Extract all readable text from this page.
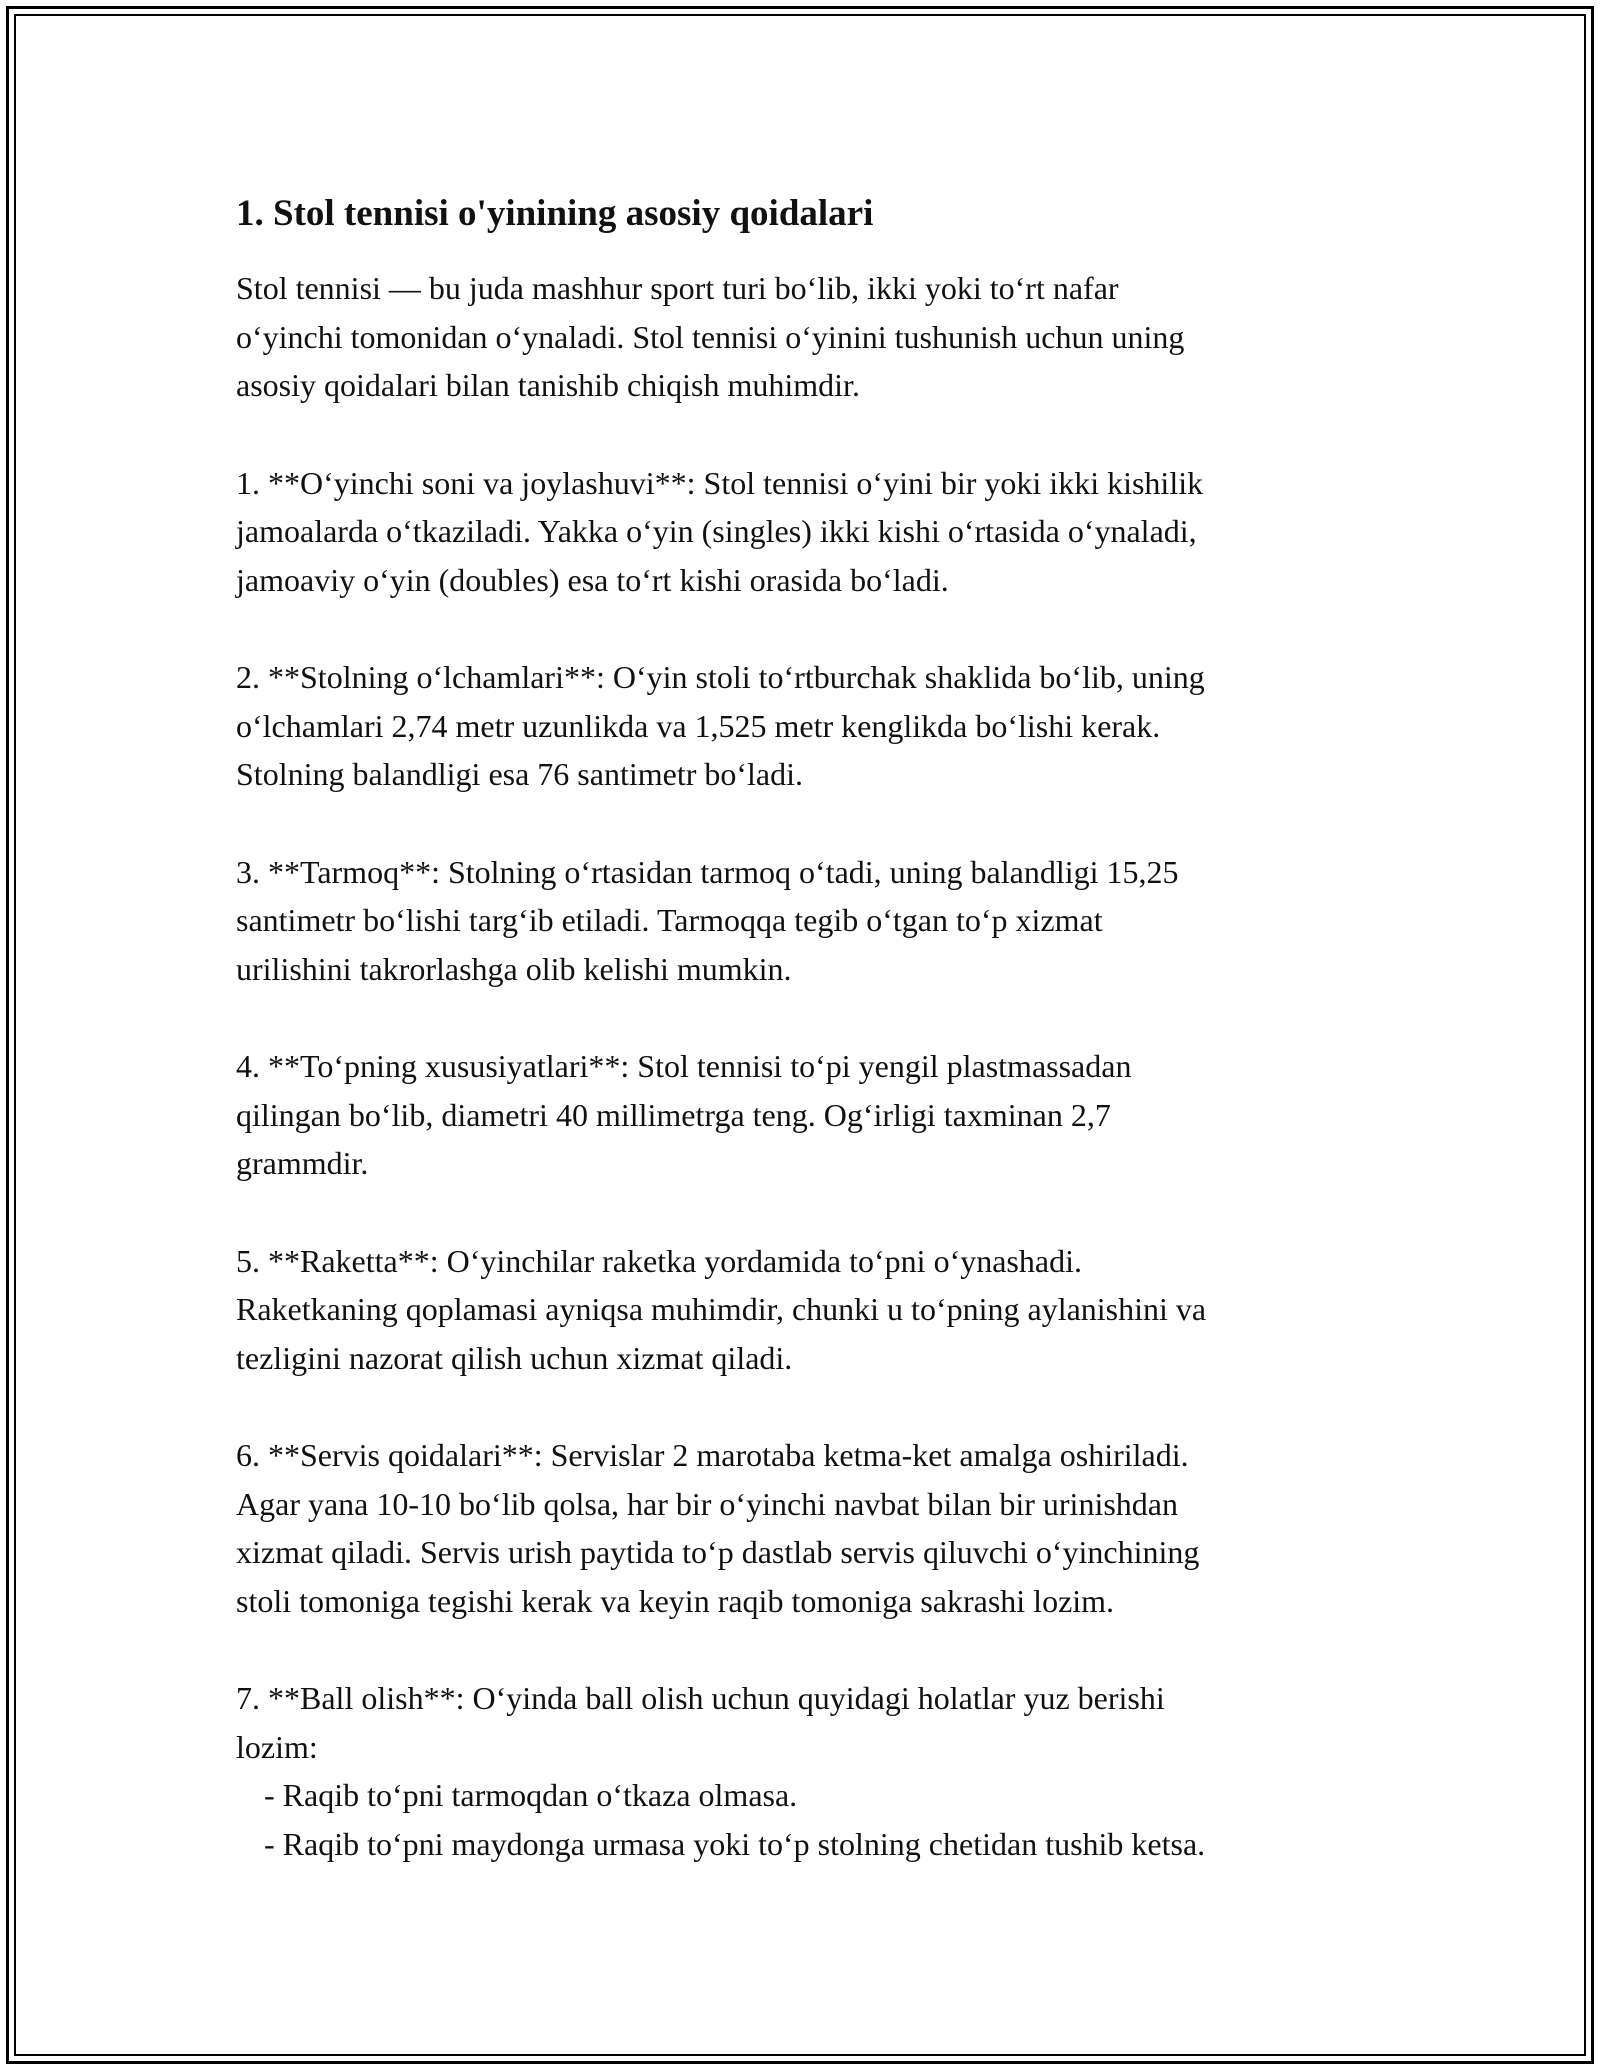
1. Stol tennisi o'yinining asosiy qoidalari

Stol tennisi — bu juda mashhur sport turi bo‘lib, ikki yoki to‘rt nafar
o‘yinchi tomonidan o‘ynaladi. Stol tennisi o‘yinini tushunish uchun uning
asosiy qoidalari bilan tanishib chiqish muhimdir.

1. **O‘yinchi soni va joylashuvi**: Stol tennisi o‘yini bir yoki ikki kishilik
jamoalarda o‘tkaziladi. Yakka o‘yin (singles) ikki kishi o‘rtasida o‘ynaladi,
jamoaviy o‘yin (doubles) esa to‘rt kishi orasida bo‘ladi.

2. **Stolning o‘lchamlari**: O‘yin stoli to‘rtburchak shaklida bo‘lib, uning
o‘lchamlari 2,74 metr uzunlikda va 1,525 metr kenglikda bo‘lishi kerak.
Stolning balandligi esa 76 santimetr bo‘ladi.

3. **Tarmoq**: Stolning o‘rtasidan tarmoq o‘tadi, uning balandligi 15,25
santimetr bo‘lishi targ‘ib etiladi. Tarmoqqa tegib o‘tgan to‘p xizmat
urilishini takrorlashga olib kelishi mumkin.

4. **To‘pning xususiyatlari**: Stol tennisi to‘pi yengil plastmassadan
qilingan bo‘lib, diametri 40 millimetrga teng. Og‘irligi taxminan 2,7
grammdir.

5. **Raketta**: O‘yinchilar raketka yordamida to‘pni o‘ynashadi.
Raketkaning qoplamasi ayniqsa muhimdir, chunki u to‘pning aylanishini va
tezligini nazorat qilish uchun xizmat qiladi.

6. **Servis qoidalari**: Servislar 2 marotaba ketma-ket amalga oshiriladi.
Agar yana 10-10 bo‘lib qolsa, har bir o‘yinchi navbat bilan bir urinishdan
xizmat qiladi. Servis urish paytida to‘p dastlab servis qiluvchi o‘yinchining
stoli tomoniga tegishi kerak va keyin raqib tomoniga sakrashi lozim.

7. **Ball olish**: O‘yinda ball olish uchun quyidagi holatlar yuz berishi
lozim:
- Raqib to‘pni tarmoqdan o‘tkaza olmasa.
- Raqib to‘pni maydonga urmasa yoki to‘p stolning chetidan tushib ketsa.
